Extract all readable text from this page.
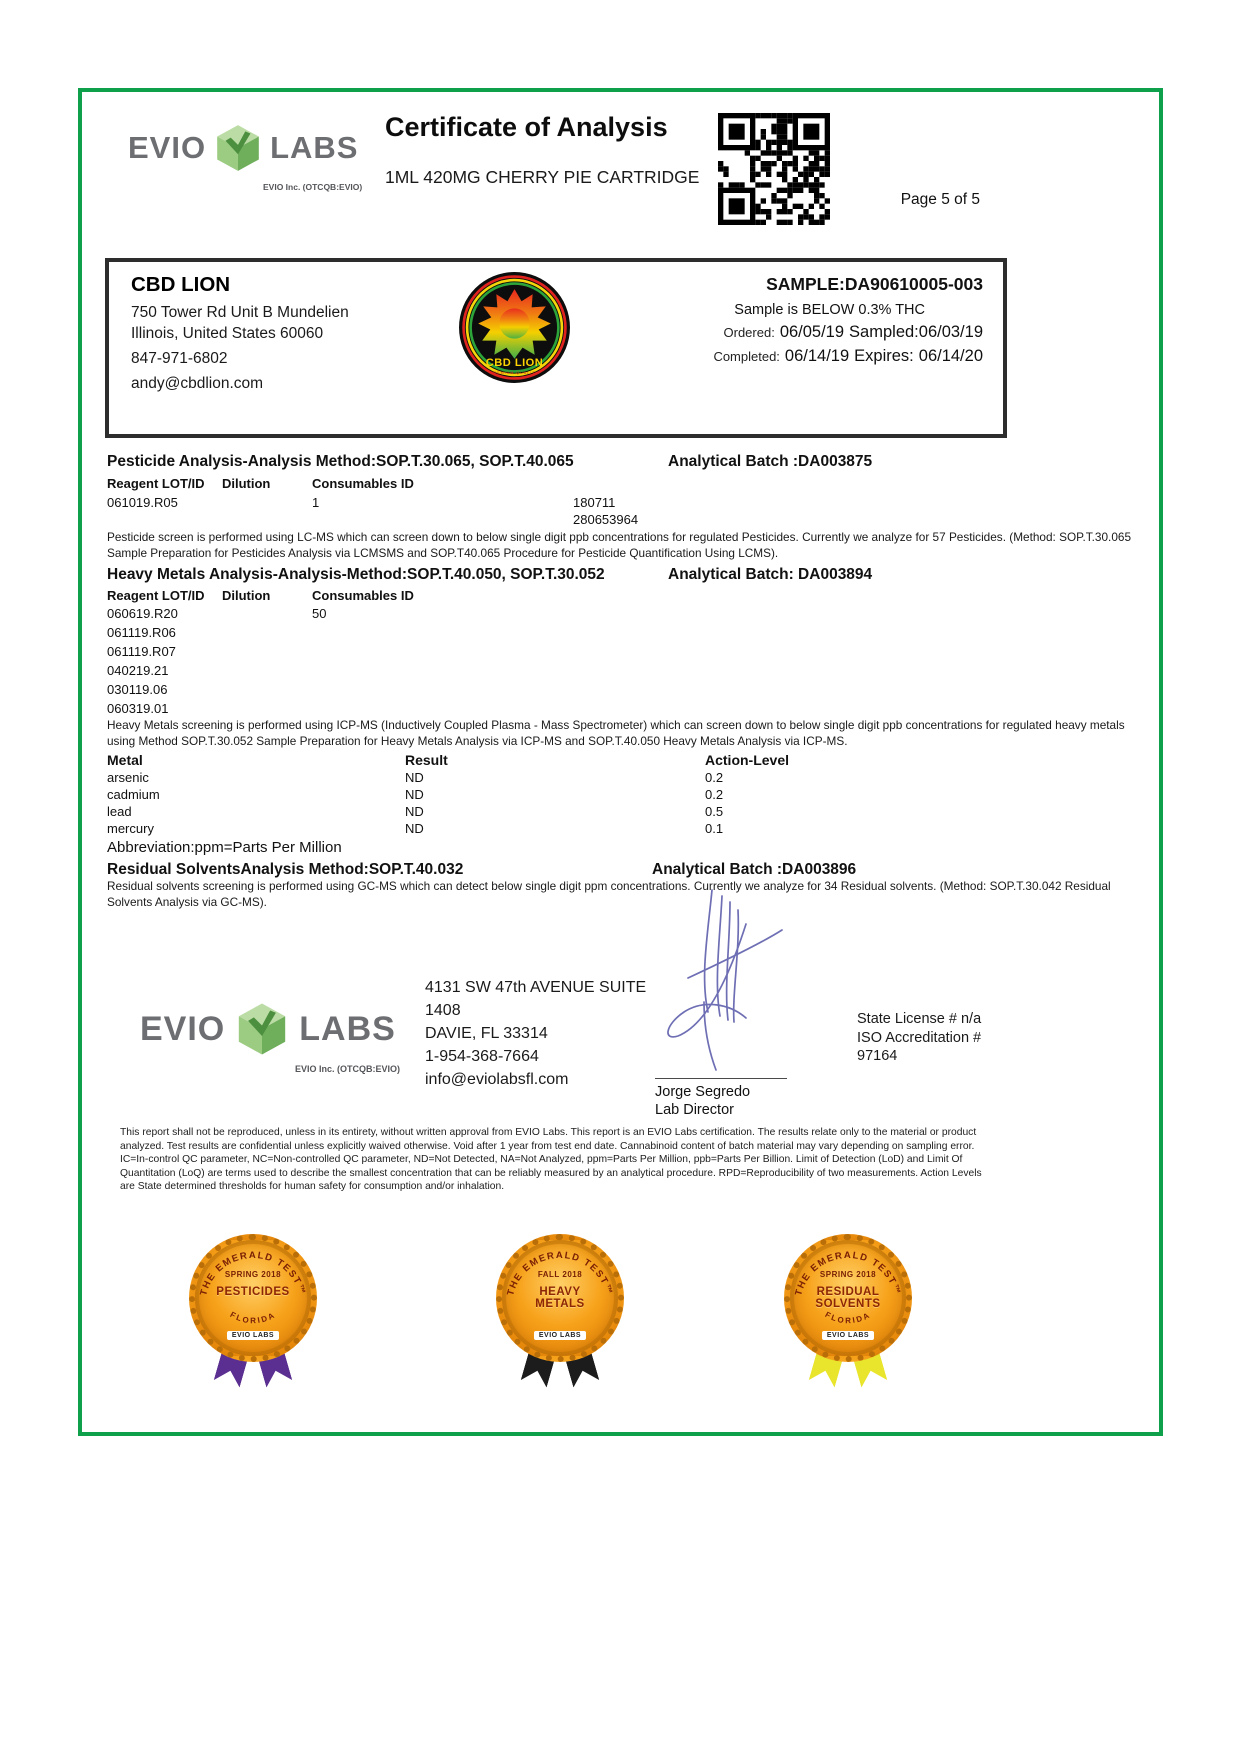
EVIO LABS
EVIO Inc. (OTCQB:EVIO)
Certificate of Analysis
1ML 420MG CHERRY PIE CARTRIDGE
Page 5 of 5
CBD LION
750 Tower Rd Unit B Mundelien
Illinois, United States 60060
847-971-6802
andy@cbdlion.com
CBD LION
PREMIUM QUALITY
SAMPLE:DA90610005-003
Sample is BELOW 0.3% THC
Ordered: 06/05/19 Sampled:06/03/19
Completed: 06/14/19 Expires: 06/14/20
Pesticide Analysis-Analysis Method:SOP.T.30.065, SOP.T.40.065	Analytical Batch :DA003875
Reagent LOT/ID Dilution	Consumables ID
061019.R05	1	180711
280653964
Pesticide screen is performed using LC-MS which can screen down to below single digit ppb concentrations for regulated Pesticides. Currently we analyze for 57 Pesticides. (Method: SOP.T.30.065 Sample Preparation for Pesticides Analysis via LCMSMS and SOP.T40.065 Procedure for Pesticide Quantification Using LCMS).
Heavy Metals Analysis-Analysis-Method:SOP.T.40.050, SOP.T.30.052	Analytical Batch: DA003894
Reagent LOT/ID Dilution	Consumables ID
060619.R20	50
061119.R06
061119.R07
040219.21
030119.06
060319.01
Heavy Metals screening is performed using ICP-MS (Inductively Coupled Plasma - Mass Spectrometer) which can screen down to below single digit ppb concentrations for regulated heavy metals using Method SOP.T.30.052 Sample Preparation for Heavy Metals Analysis via ICP-MS and SOP.T.40.050 Heavy Metals Analysis via ICP-MS.
Metal	Result	Action-Level
arsenic	ND	0.2
cadmium	ND	0.2
lead	ND	0.5
mercury	ND	0.1
Abbreviation:ppm=Parts Per Million
Residual SolventsAnalysis Method:SOP.T.40.032	Analytical Batch :DA003896
Residual solvents screening is performed using GC-MS which can detect below single digit ppm concentrations. Currently we analyze for 34 Residual solvents. (Method: SOP.T.30.042 Residual Solvents Analysis via GC-MS).
EVIO LABS
EVIO Inc. (OTCQB:EVIO)
4131 SW 47th AVENUE SUITE
1408
DAVIE, FL 33314
1-954-368-7664
info@eviolabsfl.com
Jorge Segredo
Lab Director
State License # n/a
ISO Accreditation #
97164
This report shall not be reproduced, unless in its entirety, without written approval from EVIO Labs. This report is an EVIO Labs certification. The results relate only to the material or product analyzed. Test results are confidential unless explicitly waived otherwise. Void after 1 year from test end date. Cannabinoid content of batch material may vary depending on sampling error. IC=In-control QC parameter, NC=Non-controlled QC parameter, ND=Not Detected, NA=Not Analyzed, ppm=Parts Per Million, ppb=Parts Per Billion. Limit of Detection (LoD) and Limit Of Quantitation (LoQ) are terms used to describe the smallest concentration that can be reliably measured by an analytical procedure. RPD=Reproducibility of two measurements. Action Levels are State determined thresholds for human safety for consumption and/or inhalation.
THE EMERALD TEST™
FLORIDA
SPRING 2018
PESTICIDES
EVIO LABS
THE EMERALD TEST™
FALL 2018
HEAVY METALS
EVIO LABS
THE EMERALD TEST™
FLORIDA
SPRING 2018
RESIDUAL SOLVENTS
EVIO LABS
